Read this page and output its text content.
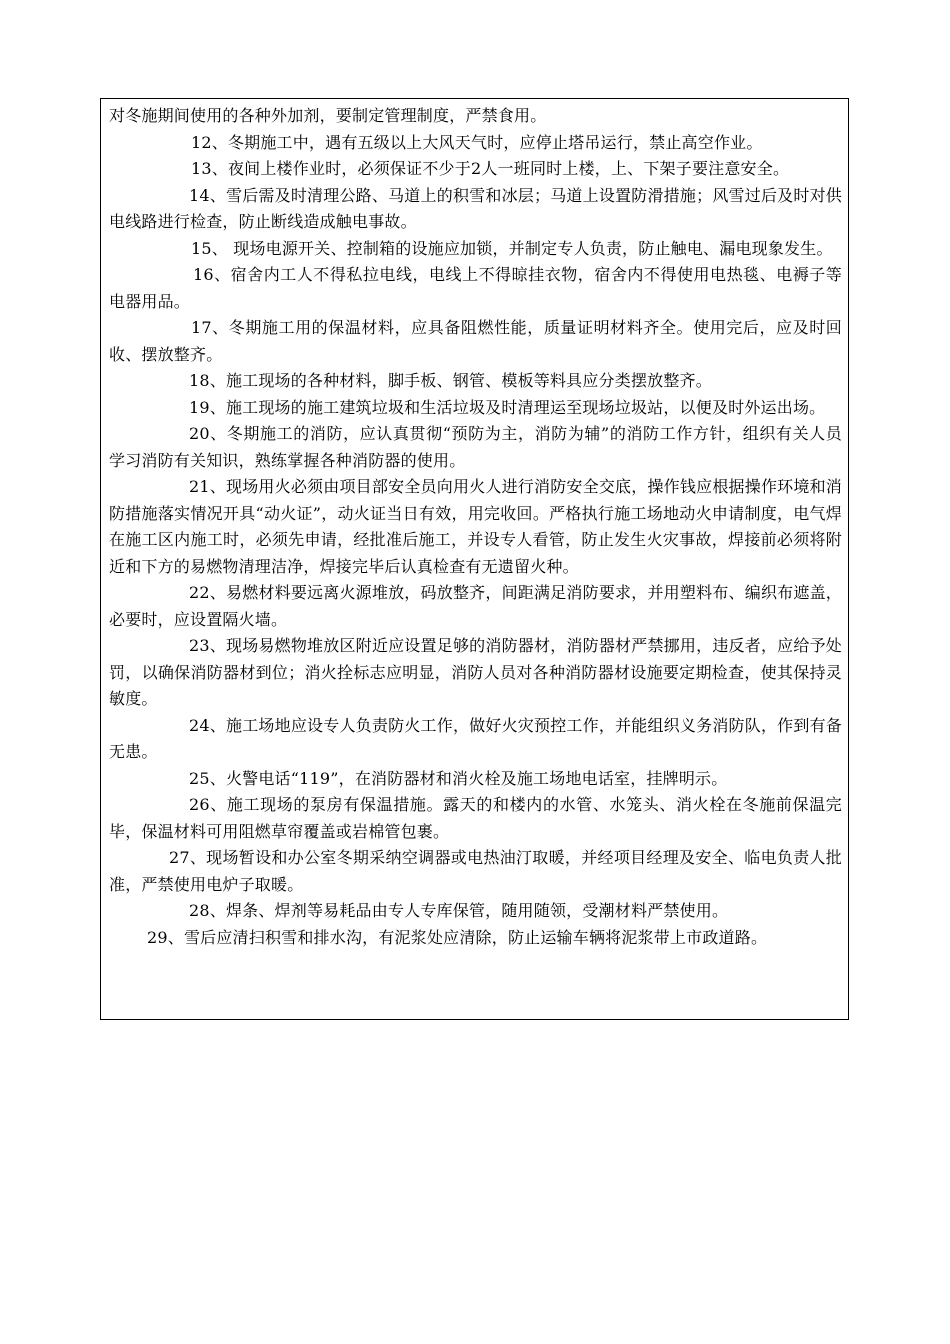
对冬施期间使用的各种外加剂，要制定管理制度，严禁食用。

12、冬期施工中，遇有五级以上大风天气时，应停止塔吊运行，禁止高空作业。

13、夜间上楼作业时，必须保证不少于2人一班同时上楼，上、下架子要注意安全。

14、雪后需及时清理公路、马道上的积雪和冰层；马道上设置防滑措施；风雪过后及时对供电线路进行检查，防止断线造成触电事故。

15、 现场电源开关、控制箱的设施应加锁，并制定专人负责，防止触电、漏电现象发生。

16、宿舍内工人不得私拉电线，电线上不得晾挂衣物，宿舍内不得使用电热毯、电褥子等电器用品。

17、冬期施工用的保温材料，应具备阻燃性能，质量证明材料齐全。使用完后，应及时回收、摆放整齐。

18、施工现场的各种材料，脚手板、钢管、模板等料具应分类摆放整齐。

19、施工现场的施工建筑垃圾和生活垃圾及时清理运至现场垃圾站，以便及时外运出场。

20、冬期施工的消防，应认真贯彻“预防为主，消防为辅”的消防工作方针，组织有关人员学习消防有关知识，熟练掌握各种消防器的使用。

21、现场用火必须由项目部安全员向用火人进行消防安全交底，操作钱应根据操作环境和消防措施落实情况开具“动火证”，动火证当日有效，用完收回。严格执行施工场地动火申请制度，电气焊在施工区内施工时，必须先申请，经批准后施工，并设专人看管，防止发生火灾事故，焊接前必须将附近和下方的易燃物清理洁净，焊接完毕后认真检查有无遗留火种。

22、易燃材料要远离火源堆放，码放整齐，间距满足消防要求，并用塑料布、编织布遮盖，必要时，应设置隔火墙。

23、现场易燃物堆放区附近应设置足够的消防器材，消防器材严禁挪用，违反者，应给予处罚，以确保消防器材到位；消火拴标志应明显，消防人员对各种消防器材设施要定期检查，使其保持灵敏度。

24、施工场地应设专人负责防火工作，做好火灾预控工作，并能组织义务消防队，作到有备无患。

25、火警电话“119”，在消防器材和消火栓及施工场地电话室，挂牌明示。

26、施工现场的泵房有保温措施。露天的和楼内的水管、水笼头、消火栓在冬施前保温完毕，保温材料可用阻燃草帘覆盖或岩棉管包裹。

27、现场暂设和办公室冬期采纳空调器或电热油汀取暖，并经项目经理及安全、临电负责人批准，严禁使用电炉子取暖。

28、焊条、焊剂等易耗品由专人专库保管，随用随领，受潮材料严禁使用。

29、雪后应清扫积雪和排水沟，有泥浆处应清除，防止运输车辆将泥浆带上市政道路。
